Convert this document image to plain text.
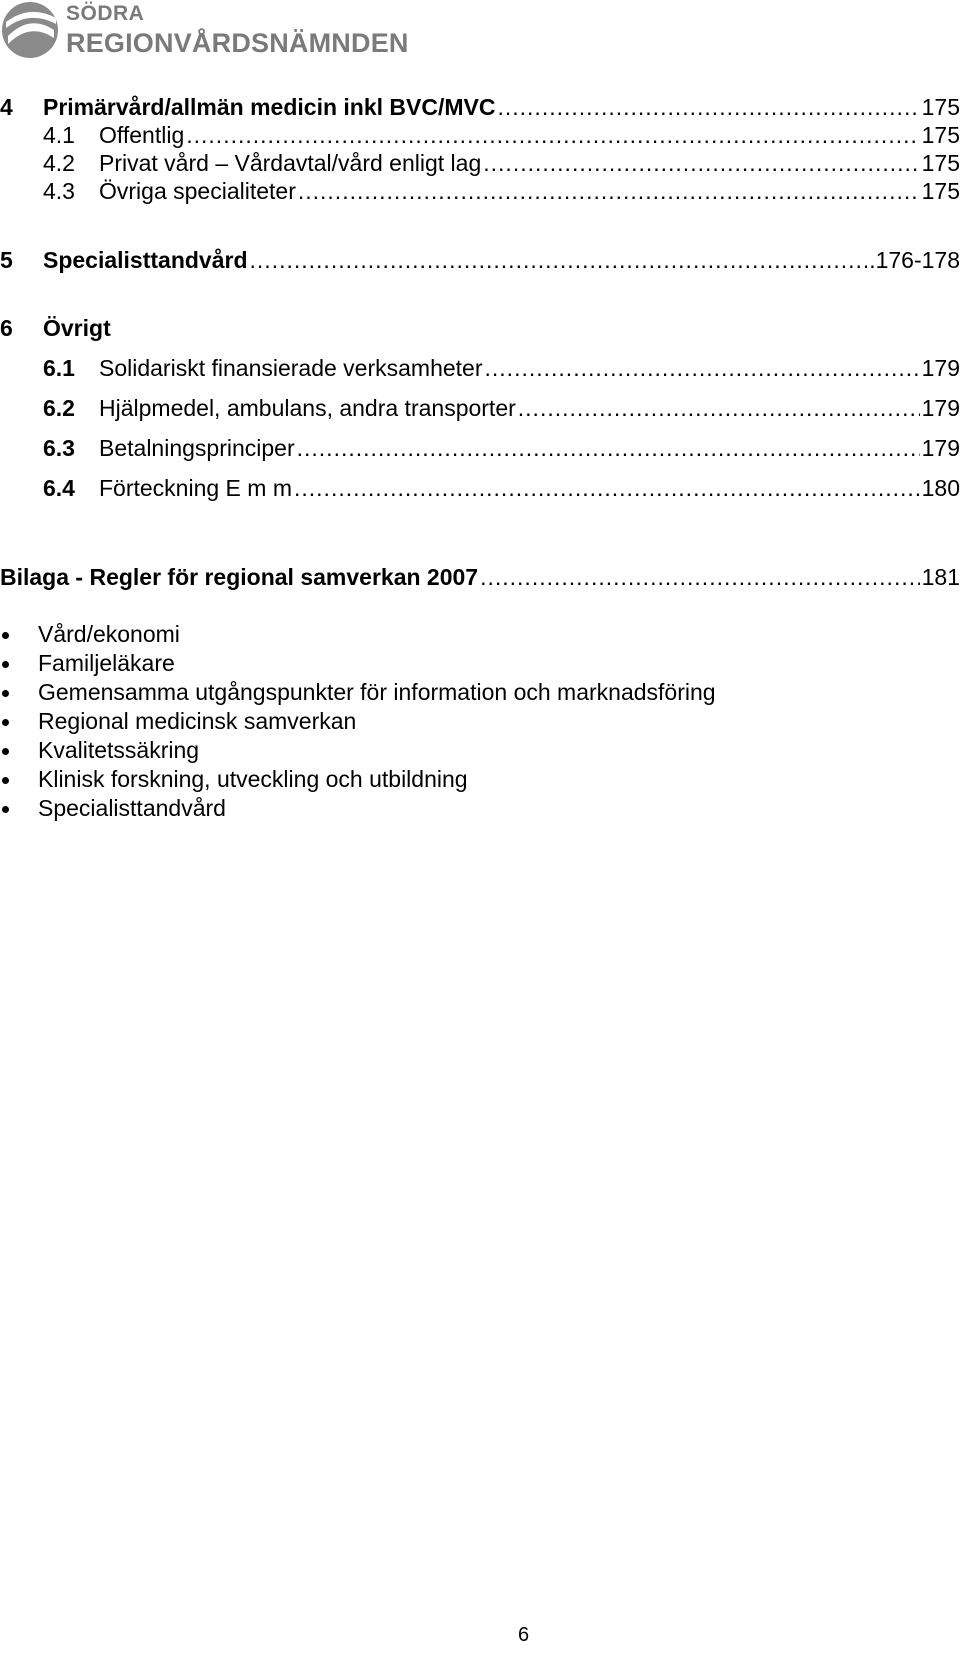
SÖDRA
REGIONVÅRDSNÄMNDEN
4	Primärvård/allmän medicin inkl BVC/MVC .....	175
4.1	Offentlig .....	175
4.2	Privat vård – Vårdavtal/vård enligt lag .....	175
4.3	Övriga specialiteter .....	175
5	Specialisttandvård .....	.176-178
6	Övrigt
6.1	Solidariskt finansierade verksamheter .....	179
6.2	Hjälpmedel, ambulans, andra transporter .....	179
6.3	Betalningsprinciper .....	179
6.4	Förteckning E m m .....	180
Bilaga - Regler för regional samverkan 2007 .....	181
Vård/ekonomi
Familjeläkare
Gemensamma utgångspunkter för information och marknadsföring
Regional medicinsk samverkan
Kvalitetssäkring
Klinisk forskning, utveckling och utbildning
Specialisttandvård
6
